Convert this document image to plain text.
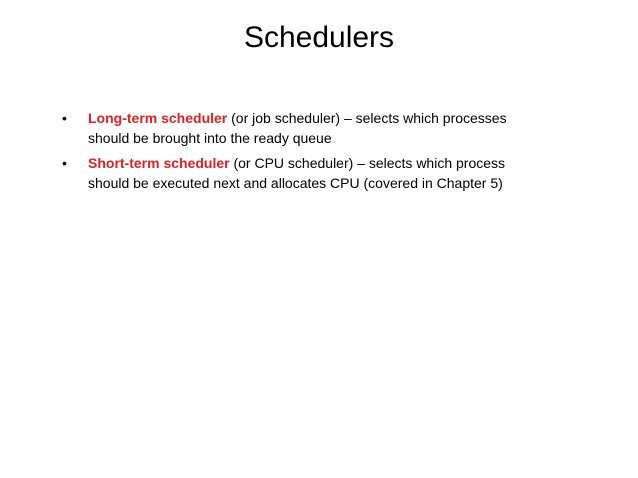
Schedulers
• Long-term scheduler (or job scheduler) – selects which processes should be brought into the ready queue
• Short-term scheduler (or CPU scheduler) – selects which process should be executed next and allocates CPU (covered in Chapter 5)
